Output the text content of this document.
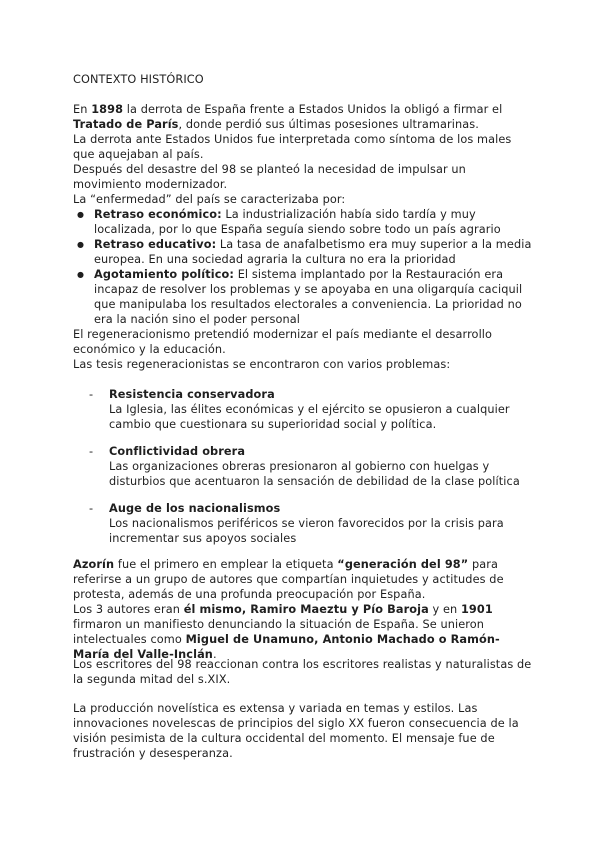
CONTEXTO HISTÓRICO

En 1898 la derrota de España frente a Estados Unidos la obligó a firmar el
Tratado de París, donde perdió sus últimas posesiones ultramarinas.

La derrota ante Estados Unidos fue interpretada como síntoma de los males que aquejaban al país.

Después del desastre del 98 se planteó la necesidad de impulsar un movimiento modernizador.

La “enfermedad” del país se caracterizaba por:

● Retraso económico: La industrialización había sido tardía y muy localizada, por lo que España seguía siendo sobre todo un país agrario
● Retraso educativo: La tasa de anafalbetismo era muy superior a la media europea. En una sociedad agraria la cultura no era la prioridad
● Agotamiento político: El sistema implantado por la Restauración era incapaz de resolver los problemas y se apoyaba en una oligarquía caciquil que manipulaba los resultados electorales a conveniencia. La prioridad no era la nación sino el poder personal

El regeneracionismo pretendió modernizar el país mediante el desarrollo económico y la educación.

Las tesis regeneracionistas se encontraron con varios problemas:

- Resistencia conservadora

La Iglesia, las élites económicas y el ejército se opusieron a cualquier cambio que cuestionara su superioridad social y política.

- Conflictividad obrera

Las organizaciones obreras presionaron al gobierno con huelgas y disturbios que acentuaron la sensación de debilidad de la clase política

- Auge de los nacionalismos

Los nacionalismos periféricos se vieron favorecidos por la crisis para incrementar sus apoyos sociales

Azorín fue el primero en emplear la etiqueta “generación del 98” para referirse a un grupo de autores que compartían inquietudes y actitudes de protesta, además de una profunda preocupación por España.

Los 3 autores eran él mismo, Ramiro Maeztu y Pío Baroja y en 1901 firmaron un manifiesto denunciando la situación de España. Se unieron intelectuales como Miguel de Unamuno, Antonio Machado o Ramón-María del Valle-Inclán.

Los escritores del 98 reaccionan contra los escritores realistas y naturalistas de la segunda mitad del s.XIX.
La producción novelística es extensa y variada en temas y estilos. Las innovaciones novelescas de principios del siglo XX fueron consecuencia de la visión pesimista de la cultura occidental del momento. El mensaje fue de frustración y desesperanza.
